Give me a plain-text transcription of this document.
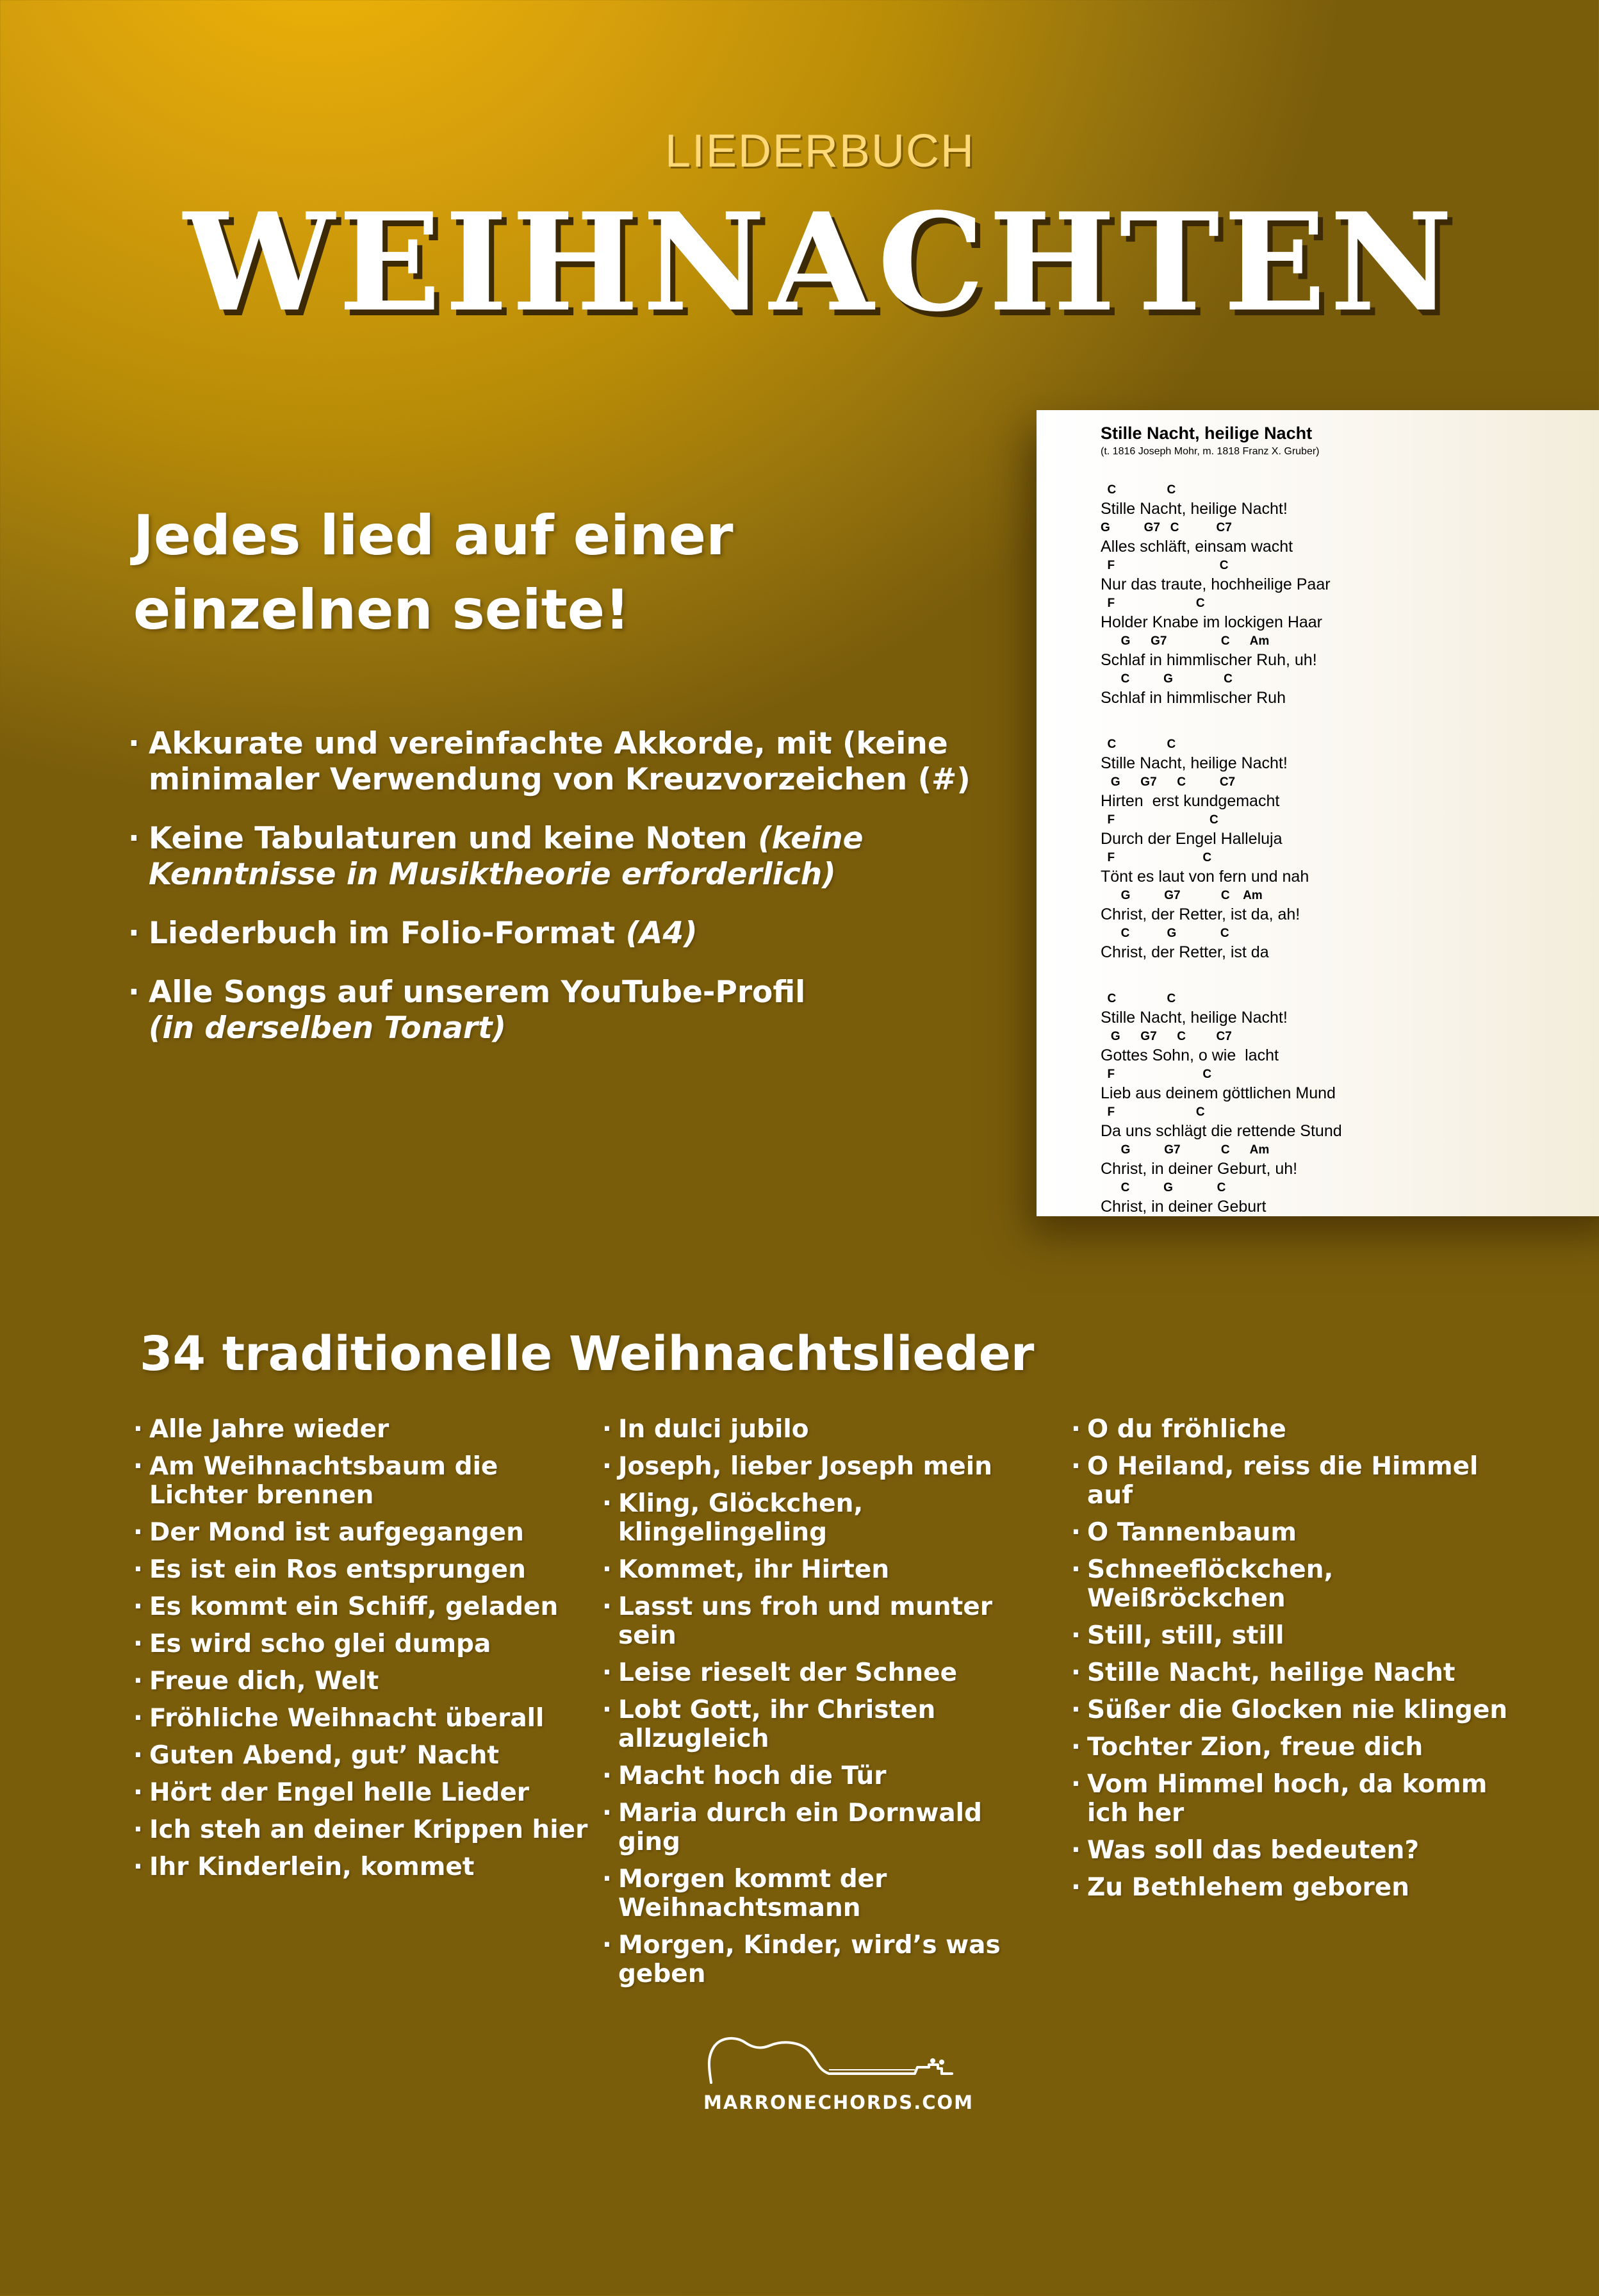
LIEDERBUCH
WEIHNACHTEN
Jedes lied auf einer
einzelnen seite!
· Akkurate und vereinfachte Akkorde, mit (keine
minimaler Verwendung von Kreuzvorzeichen (#)
· Keine Tabulaturen und keine Noten (keine
Kenntnisse in Musiktheorie erforderlich)
· Liederbuch im Folio-Format (A4)
· Alle Songs auf unserem YouTube-Profil
(in derselben Tonart)
Stille Nacht, heilige Nacht
(t. 1816 Joseph Mohr, m. 1818 Franz X. Gruber)
C               C
Stille Nacht, heilige Nacht!
G          G7   C           C7
Alles schläft, einsam wacht
F                               C
Nur das traute, hochheilige Paar
F                        C
Holder Knabe im lockigen Haar
G      G7                C      Am
Schlaf in himmlischer Ruh, uh!
C          G               C
Schlaf in himmlischer Ruh
C               C
Stille Nacht, heilige Nacht!
G      G7      C          C7
Hirten  erst kundgemacht
F                            C
Durch der Engel Halleluja
F                          C
Tönt es laut von fern und nah
G          G7            C    Am
Christ, der Retter, ist da, ah!
C           G             C
Christ, der Retter, ist da
C               C
Stille Nacht, heilige Nacht!
G      G7      C         C7
Gottes Sohn, o wie  lacht
F                          C
Lieb aus deinem göttlichen Mund
F                        C
Da uns schlägt die rettende Stund
G          G7            C      Am
Christ, in deiner Geburt, uh!
C          G             C
Christ, in deiner Geburt
34 traditionelle Weihnachtslieder
· Alle Jahre wieder
· Am Weihnachtsbaum die Lichter brennen
· Der Mond ist aufgegangen
· Es ist ein Ros entsprungen
· Es kommt ein Schiff, geladen
· Es wird scho glei dumpa
· Freue dich, Welt
· Fröhliche Weihnacht überall
· Guten Abend, gut’ Nacht
· Hört der Engel helle Lieder
· Ich steh an deiner Krippen hier
· Ihr Kinderlein, kommet
· In dulci jubilo
· Joseph, lieber Joseph mein
· Kling, Glöckchen, klingelingeling
· Kommet, ihr Hirten
· Lasst uns froh und munter sein
· Leise rieselt der Schnee
· Lobt Gott, ihr Christen allzugleich
· Macht hoch die Tür
· Maria durch ein Dornwald ging
· Morgen kommt der Weihnachtsmann
· Morgen, Kinder, wird’s was geben
· O du fröhliche
· O Heiland, reiss die Himmel auf
· O Tannenbaum
· Schneeflöckchen, Weißröckchen
· Still, still, still
· Stille Nacht, heilige Nacht
· Süßer die Glocken nie klingen
· Tochter Zion, freue dich
· Vom Himmel hoch, da komm ich her
· Was soll das bedeuten?
· Zu Bethlehem geboren
MARRONECHORDS.COM
